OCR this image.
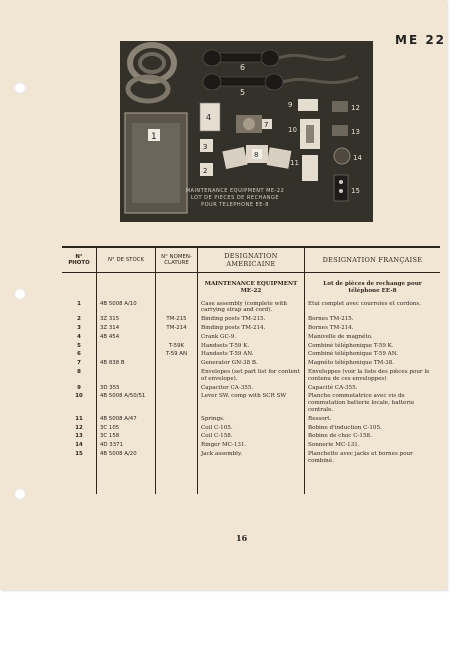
ME 22
1
6
5
4
3
2
7
8
9
10
11
12
13
14
15
MAINTENANCE EQUIPMENT ME-22
LOT DE PIECES DE RECHANGE
POUR TELEPHONE EE-8
N° PHOTO	N° DE STOCK	N° NOMEN-CLATURE	DESIGNATION AMERICAINE	DESIGNATION FRANÇAISE

			MAINTENANCE EQUIPMENT ME-22	Lot de pièces de rechange pour téléphone EE-8

1	4B 5008 A/10		Case assembly (complete with carrying strap and cord).	Etui complet avec courroies et cordons.
2	3Z 315	TM-215	Binding posts TM-215.	Bornes TM-215.
3	3Z 314	TM-214	Binding posts TM-214.	Bornes TM-214.
4	4B 454		Crank GC-9.	Manivelle de magnéto.
5		T-59K	Handsets T-59 K.	Combiné téléphonique T-59 K.
6		T-59 AN	Handsets T-59 AN.	Combiné téléphonique T-59 AN.
7	4B 838 B		Generator GN-38 B.	Magnéto téléphonique TM-38.
8			Envelopes (set part list for content of envelope).	Enveloppes (voir la liste des pièces pour le contenu de ces enveloppes)
9	3D 355		Capacitor CA-355.	Capacité CA-355.
10	4B 5008 A/50/51		Lever SW. comp with SCR SW	Planche commutatrice avec vis de commutation batterie locale, batterie centrale.
11	4B 5008 A/47		Springs.	Ressort.
12	3C 105		Coil C-105.	Bobine d'induction C-105.
13	3C 158		Coil C-158.	Bobine de choc C-158.
14	4D 3371		Ringer MC-131.	Sonnerie MC-131.
15	4B 5008 A/20		Jack assembly.	Planchette avec jacks et bornes pour combiné.

16
